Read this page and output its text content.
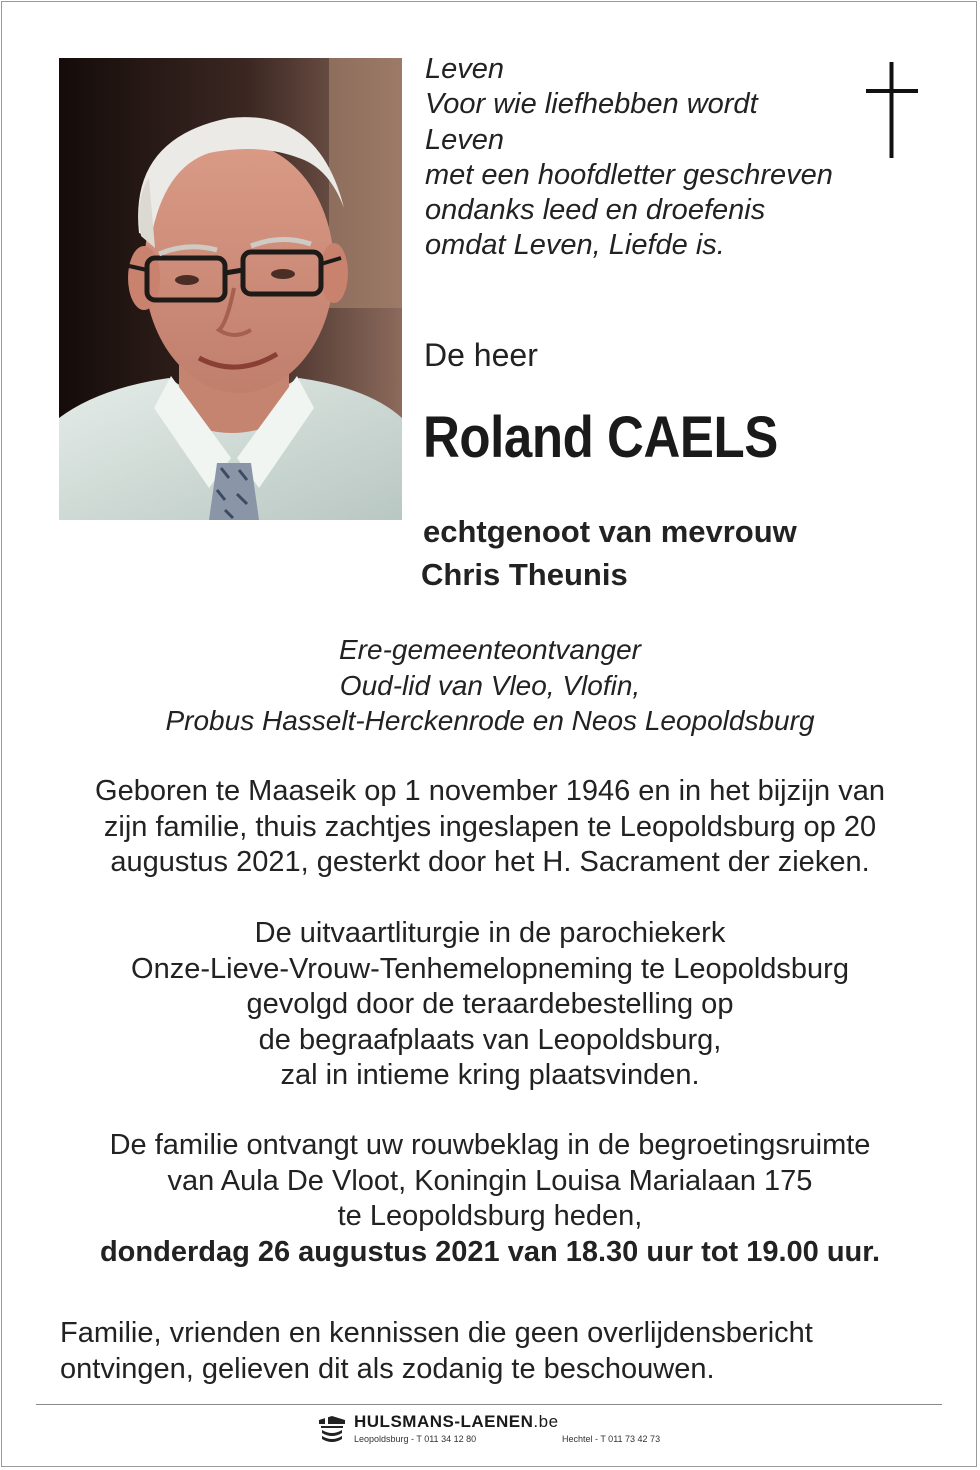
Leven
Voor wie liefhebben wordt
Leven
met een hoofdletter geschreven
ondanks leed en droefenis
omdat Leven, Liefde is.
De heer
Roland CAELS
echtgenoot van mevrouw
Chris Theunis
Ere-gemeenteontvanger
Oud-lid van Vleo, Vlofin,
Probus Hasselt-Herckenrode en Neos Leopoldsburg
Geboren te Maaseik op 1 november 1946 en in het bijzijn van
zijn familie, thuis zachtjes ingeslapen te Leopoldsburg op 20
augustus 2021, gesterkt door het H. Sacrament der zieken.
De uitvaartliturgie in de parochiekerk
Onze-Lieve-Vrouw-Tenhemelopneming te Leopoldsburg
gevolgd door de teraardebestelling op
de begraafplaats van Leopoldsburg,
zal in intieme kring plaatsvinden.
De familie ontvangt uw rouwbeklag in de begroetingsruimte
van Aula De Vloot, Koningin Louisa Marialaan 175
te Leopoldsburg heden,
donderdag 26 augustus 2021 van 18.30 uur tot 19.00 uur.
Familie, vrienden en kennissen die geen overlijdensbericht
ontvingen, gelieven dit als zodanig te beschouwen.
HULSMANS-LAENEN.be
Leopoldsburg - T 011 34 12 80	Hechtel - T 011 73 42 73
